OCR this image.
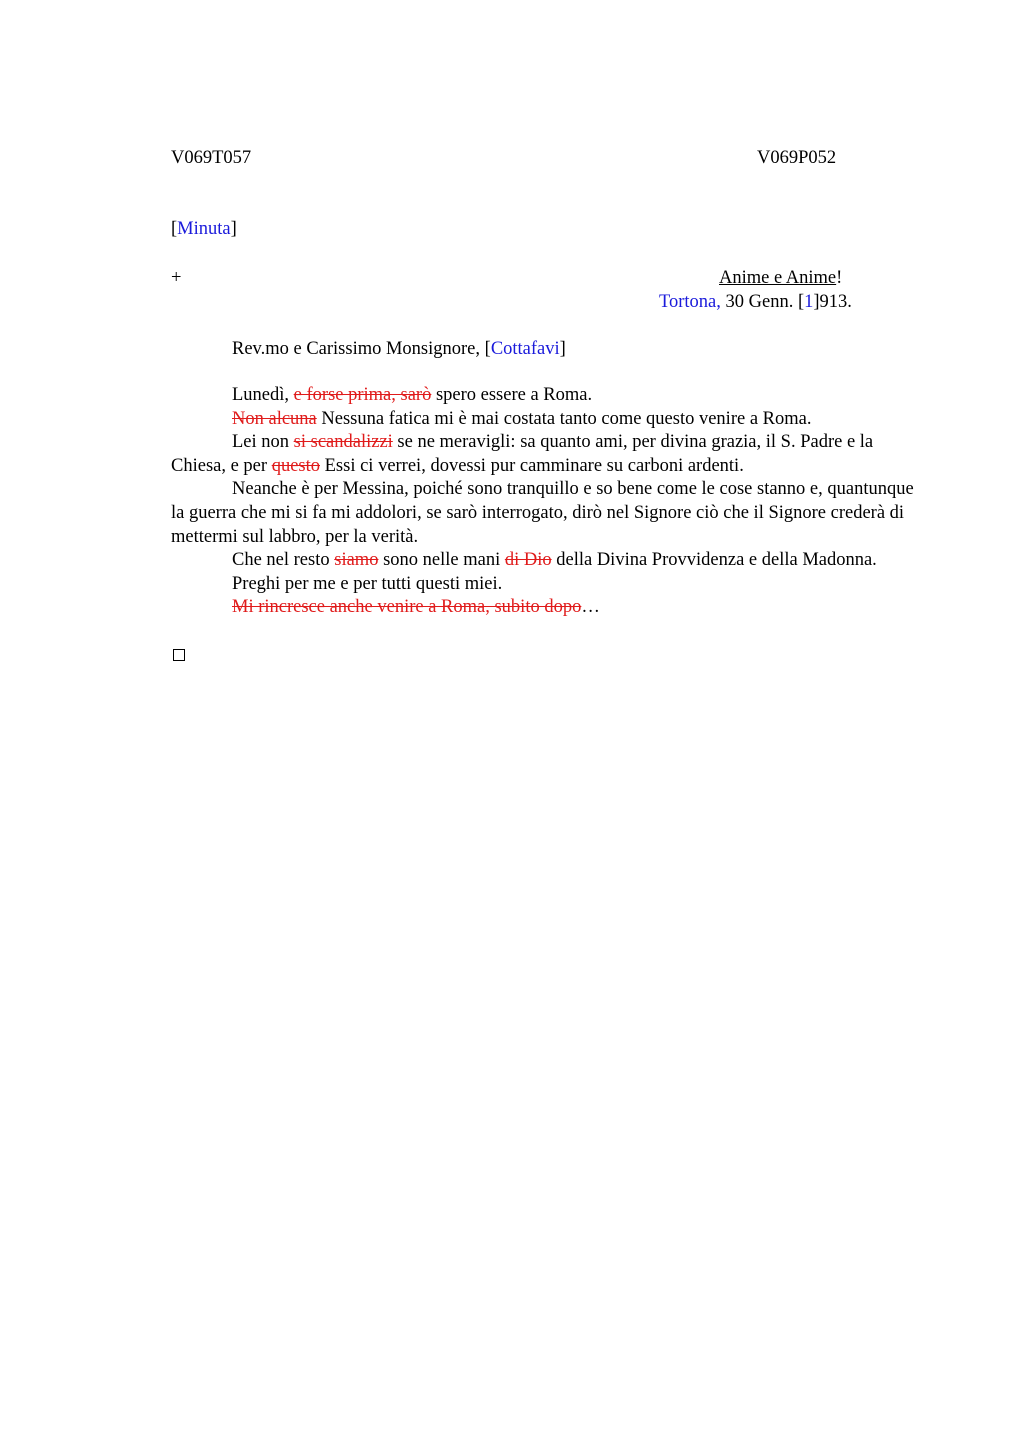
V069T057	V069P052
[Minuta]
+	Anime e Anime!
Tortona, 30 Genn. [1]913.
Rev.mo e Carissimo Monsignore, [Cottafavi]

Lunedì, e forse prima, sarò spero essere a Roma.

Non alcuna Nessuna fatica mi è mai costata tanto come questo venire a Roma.

Lei non si scandalizzi se ne meravigli: sa quanto ami, per divina grazia, il S. Padre e la Chiesa, e per questo Essi ci verrei, dovessi pur camminare su carboni ardenti.

Neanche è per Messina, poiché sono tranquillo e so bene come le cose stanno e, quantunque la guerra che mi si fa mi addolori, se sarò interrogato, dirò nel Signore ciò che il Signore crederà di mettermi sul labbro, per la verità.

Che nel resto siamo sono nelle mani di Dio della Divina Provvidenza e della Madonna.

Preghi per me e per tutti questi miei.

Mi rincresce anche venire a Roma, subito dopo…
